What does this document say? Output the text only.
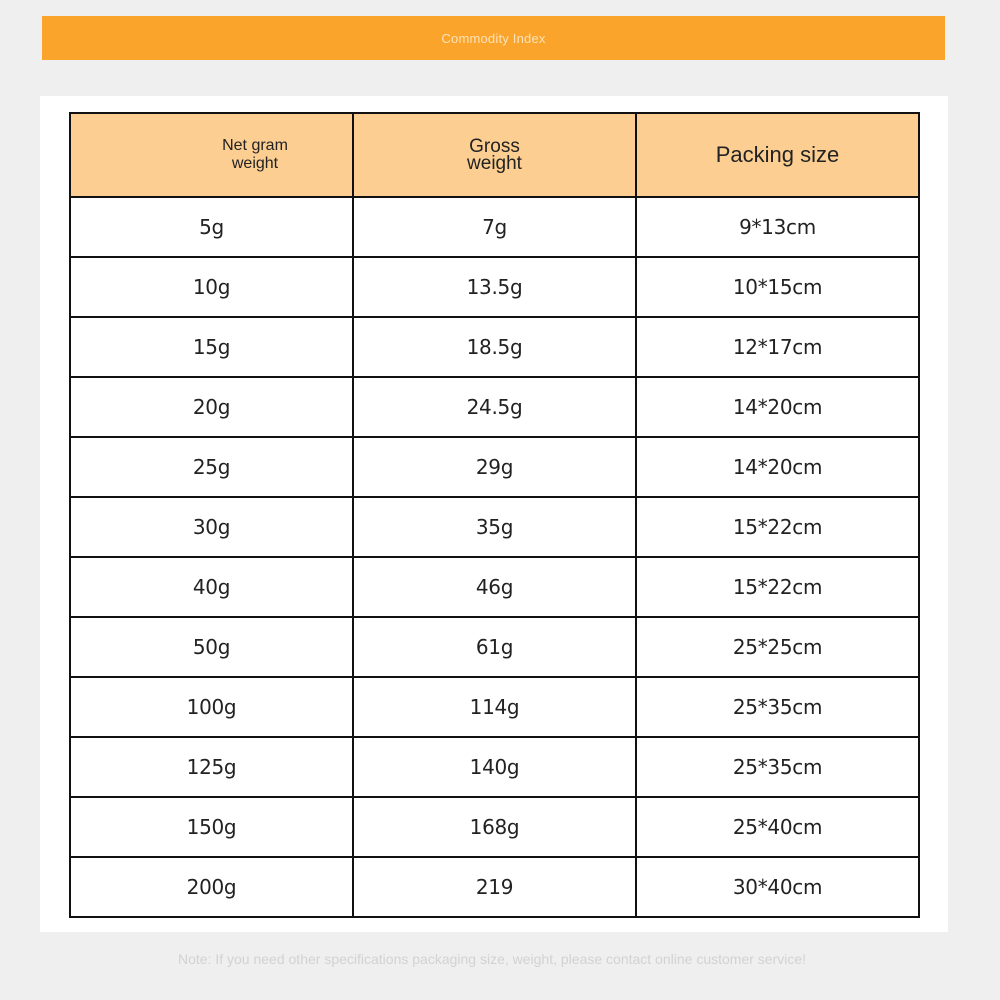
Commodity Index
Net gram weight	Gross weight	Packing size
5g	7g	9*13cm
10g	13.5g	10*15cm
15g	18.5g	12*17cm
20g	24.5g	14*20cm
25g	29g	14*20cm
30g	35g	15*22cm
40g	46g	15*22cm
50g	61g	25*25cm
100g	114g	25*35cm
125g	140g	25*35cm
150g	168g	25*40cm
200g	219	30*40cm
Note: If you need other specifications packaging size, weight, please contact online customer service!
